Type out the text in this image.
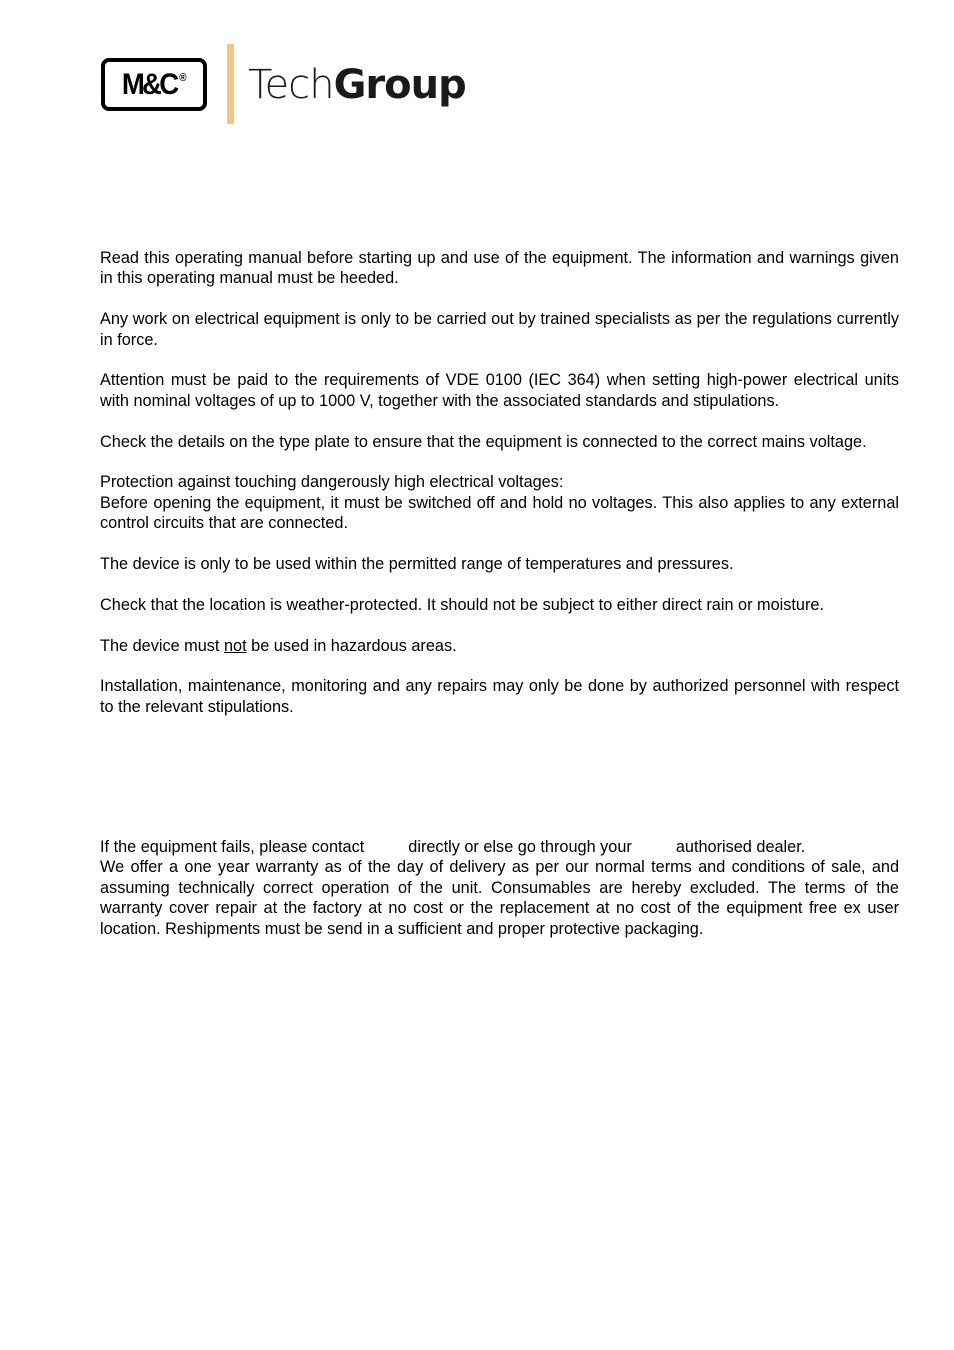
M&C ® TechGroup

Read this operating manual before starting up and use of the equipment. The information and warnings given in this operating manual must be heeded.

Any work on electrical equipment is only to be carried out by trained specialists as per the regulations currently in force.

Attention must be paid to the requirements of VDE 0100 (IEC 364) when setting high-power electrical units with nominal voltages of up to 1000 V, together with the associated standards and stipulations.

Check the details on the type plate to ensure that the equipment is connected to the correct mains voltage.

Protection against touching dangerously high electrical voltages:

Before opening the equipment, it must be switched off and hold no voltages. This also applies to any external control circuits that are connected.

The device is only to be used within the permitted range of temperatures and pressures.

Check that the location is weather-protected. It should not be subject to either direct rain or moisture.

The device must not be used in hazardous areas.

Installation, maintenance, monitoring and any repairs may only be done by authorized personnel with respect to the relevant stipulations.

If the equipment fails, please contact	directly or else go through your	authorised dealer.

We offer a one year warranty as of the day of delivery as per our normal terms and conditions of sale, and assuming technically correct operation of the unit. Consumables are hereby excluded. The terms of the warranty cover repair at the factory at no cost or the replacement at no cost of the equipment free ex user location. Reshipments must be send in a sufficient and proper protective packaging.
